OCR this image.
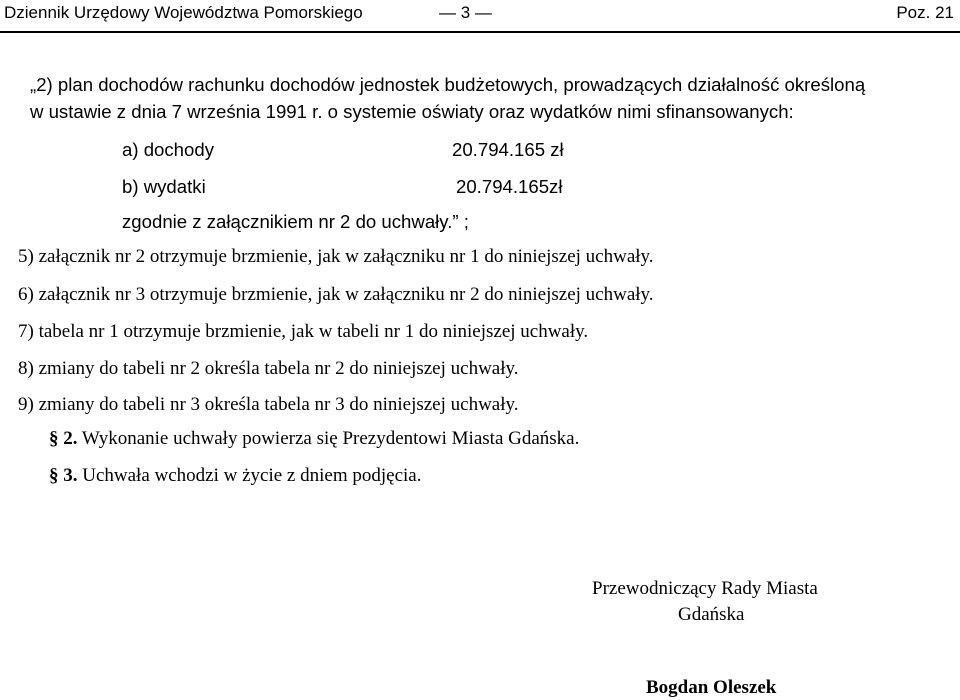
Dziennik Urzędowy Województwa Pomorskiego	— 3 —	Poz. 21
„2) plan dochodów rachunku dochodów jednostek budżetowych, prowadzących działalność określoną
w ustawie z dnia 7 września 1991 r. o systemie oświaty oraz wydatków nimi sfinansowanych:
a) dochody	20.794.165 zł
b) wydatki	20.794.165zł
zgodnie z załącznikiem nr 2 do uchwały.” ;
5) załącznik nr 2 otrzymuje brzmienie, jak w załączniku nr 1 do niniejszej uchwały.
6) załącznik nr 3 otrzymuje brzmienie, jak w załączniku nr 2 do niniejszej uchwały.
7) tabela nr 1 otrzymuje brzmienie, jak w tabeli nr 1 do niniejszej uchwały.
8) zmiany do tabeli nr 2 określa tabela nr 2 do niniejszej uchwały.
9) zmiany do tabeli nr 3 określa tabela nr 3 do niniejszej uchwały.
§ 2. Wykonanie uchwały powierza się Prezydentowi Miasta Gdańska.
§ 3. Uchwała wchodzi w życie z dniem podjęcia.
Przewodniczący Rady Miasta
Gdańska
Bogdan Oleszek
